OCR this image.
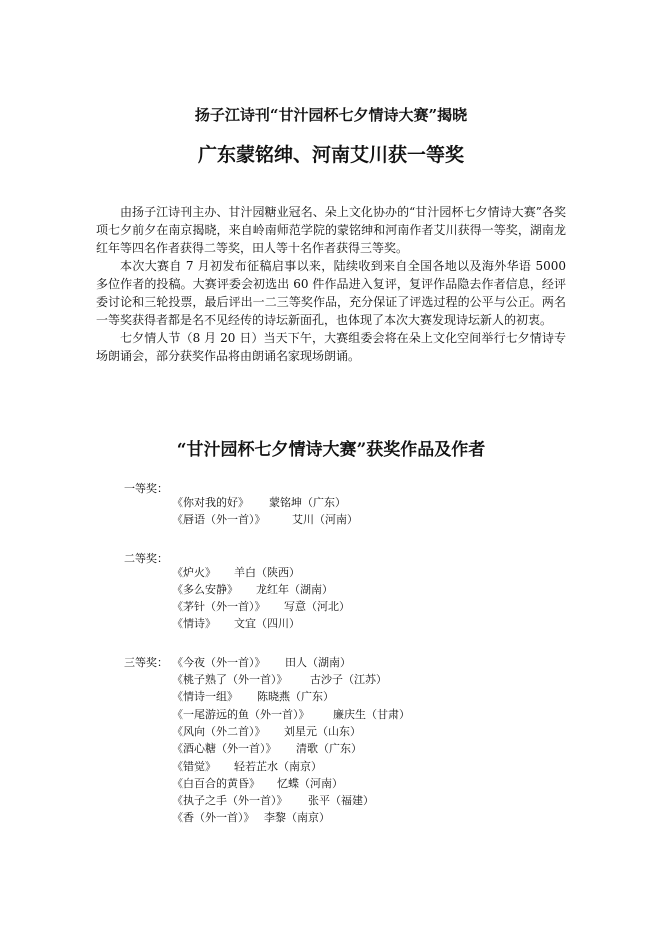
扬子江诗刊“甘汁园杯七夕情诗大赛”揭晓
广东蒙铭绅、河南艾川获一等奖

由扬子江诗刊主办、甘汁园糖业冠名、朵上文化协办的“甘汁园杯七夕情诗大赛”各奖项七夕前夕在南京揭晓，来自岭南师范学院的蒙铭绅和河南作者艾川获得一等奖，湖南龙红年等四名作者获得二等奖，田人等十名作者获得三等奖。

本次大赛自 7 月初发布征稿启事以来，陆续收到来自全国各地以及海外华语 5000 多位作者的投稿。大赛评委会初选出 60 件作品进入复评，复评作品隐去作者信息，经评委讨论和三轮投票，最后评出一二三等奖作品，充分保证了评选过程的公平与公正。两名一等奖获得者都是名不见经传的诗坛新面孔，也体现了本次大赛发现诗坛新人的初衷。

七夕情人节（8 月 20 日）当天下午，大赛组委会将在朵上文化空间举行七夕情诗专场朗诵会，部分获奖作品将由朗诵名家现场朗诵。

“甘汁园杯七夕情诗大赛”获奖作品及作者
一等奖：
《你对我的好》 蒙铭坤（广东）
《唇语（外一首）》 艾川（河南）
二等奖：
《炉火》 羊白（陕西）
《多么安静》 龙红年（湖南）
《茅针（外一首）》 写意（河北）
《情诗》 文宜（四川）
三等奖： 《今夜（外一首）》 田人（湖南）
《桃子熟了（外一首）》 古沙子（江苏）
《情诗一组》 陈晓燕（广东）
《一尾游远的鱼（外一首）》 廉庆生（甘肃）
《风向（外二首）》 刘星元（山东）
《酒心糖（外一首）》 清歌（广东）
《错觉》 轻若芷水（南京）
《白百合的黄昏》 忆蝶（河南）
《执子之手（外一首）》 张平（福建）
《香（外一首）》 李黎（南京）
